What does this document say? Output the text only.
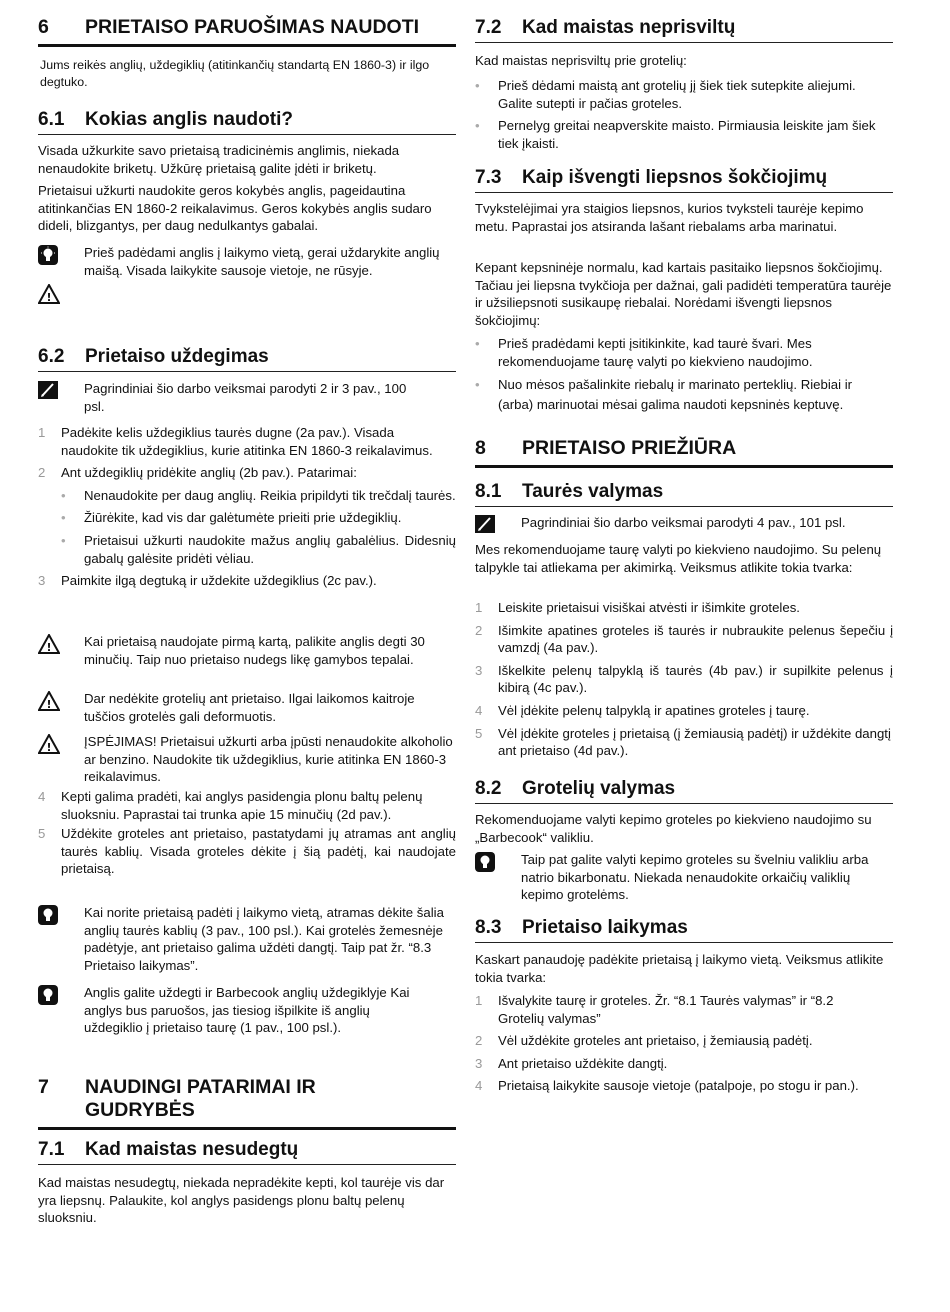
6	PRIETAISO PARUOŠIMAS NAUDOTI

Jums reikės anglių, uždegiklių (atitinkančių standartą EN 1860-3) ir ilgo degtuko.

6.1	Kokias anglis naudoti?

Visada užkurkite savo prietaisą tradicinėmis anglimis, niekada nenaudokite briketų. Užkūrę prietaisą galite įdėti ir briketų.

Prietaisui užkurti naudokite geros kokybės anglis, pageidautina atitinkančias EN 1860-2 reikalavimus. Geros kokybės anglis sudaro dideli, blizgantys, per daug nedulkantys gabalai.

Prieš padėdami anglis į laikymo vietą, gerai uždarykite anglių maišą. Visada laikykite sausoje vietoje, ne rūsyje.
!
6.2	Prietaiso uždegimas
Pagrindiniai šio darbo veiksmai parodyti 2 ir 3 pav., 100 psl.
1	Padėkite kelis uždegiklius taurės dugne (2a pav.). Visada naudokite tik uždegiklius, kurie atitinka EN 1860-3 reikalavimus.
2	Ant uždegiklių pridėkite anglių (2b pav.). Patarimai:
•	Nenaudokite per daug anglių. Reikia pripildyti tik trečdalį taurės.
•	Žiūrėkite, kad vis dar galėtumėte prieiti prie uždegiklių.
•	Prietaisui užkurti naudokite mažus anglių gabalėlius. Didesnių gabalų galėsite pridėti vėliau.
3	Paimkite ilgą degtuką ir uždekite uždegiklius (2c pav.).
! Kai prietaisą naudojate pirmą kartą, palikite anglis degti 30 minučių. Taip nuo prietaiso nudegs likę gamybos tepalai.
! Dar nedėkite grotelių ant prietaiso. Ilgai laikomos kaitroje tuščios grotelės gali deformuotis.
! ĮSPĖJIMAS! Prietaisui užkurti arba įpūsti nenaudokite alkoholio ar benzino. Naudokite tik uždegiklius, kurie atitinka EN 1860-3 reikalavimus.
4	Kepti galima pradėti, kai anglys pasidengia plonu baltų pelenų sluoksniu. Paprastai tai trunka apie 15 minučių (2d pav.).
5	Uždėkite groteles ant prietaiso, pastatydami jų atramas ant anglių taurės kablių. Visada groteles dėkite į šią padėtį, kai naudojate prietaisą.
Kai norite prietaisą padėti į laikymo vietą, atramas dėkite šalia anglių taurės kablių (3 pav., 100 psl.). Kai grotelės žemesnėje padėtyje, ant prietaiso galima uždėti dangtį. Taip pat žr. “8.3 Prietaiso laikymas”.
Anglis galite uždegti ir Barbecook anglių uždegiklyje Kai anglys bus paruošos, jas tiesiog išpilkite iš anglių uždegiklio į prietaiso taurę (1 pav., 100 psl.).
7	NAUDINGI PATARIMAI IR GUDRYBĖS
7.1	Kad maistas nesudegtų

Kad maistas nesudegtų, niekada nepradėkite kepti, kol taurėje vis dar yra liepsnų. Palaukite, kol anglys pasidengs plonu baltų pelenų sluoksniu.

7.2	Kad maistas neprisviltų

Kad maistas neprisviltų prie grotelių:

•	Prieš dėdami maistą ant grotelių jį šiek tiek sutepkite aliejumi. Galite sutepti ir pačias groteles.
•	Pernelyg greitai neapverskite maisto. Pirmiausia leiskite jam šiek tiek įkaisti.
7.3	Kaip išvengti liepsnos šokčiojimų

Tvykstelėjimai yra staigios liepsnos, kurios tvyksteli taurėje kepimo metu. Paprastai jos atsiranda lašant riebalams arba marinatui.

Kepant kepsninėje normalu, kad kartais pasitaiko liepsnos šokčiojimų. Tačiau jei liepsna tvykčioja per dažnai, gali padidėti temperatūra taurėje ir užsiliepsnoti susikaupę riebalai. Norėdami išvengti liepsnos šokčiojimų:

•	Prieš pradėdami kepti įsitikinkite, kad taurė švari. Mes rekomenduojame taurę valyti po kiekvieno naudojimo.
•	Nuo mėsos pašalinkite riebalų ir marinato perteklių. Riebiai ir (arba) marinuotai mėsai galima naudoti kepsninės keptuvę.
8	PRIETAISO PRIEŽIŪRA
8.1	Taurės valymas
Pagrindiniai šio darbo veiksmai parodyti 4 pav., 101 psl.

Mes rekomenduojame taurę valyti po kiekvieno naudojimo. Su pelenų talpykle tai atliekama per akimirką. Veiksmus atlikite tokia tvarka:

1	Leiskite prietaisui visiškai atvėsti ir išimkite groteles.
2	Išimkite apatines groteles iš taurės ir nubraukite pelenus šepečiu į vamzdį (4a pav.).
3	Iškelkite pelenų talpyklą iš taurės (4b pav.) ir supilkite pelenus į kibirą (4c pav.).
4	Vėl įdėkite pelenų talpyklą ir apatines groteles į taurę.
5	Vėl įdėkite groteles į prietaisą (į žemiausią padėtį) ir uždėkite dangtį ant prietaiso (4d pav.).
8.2	Grotelių valymas

Rekomenduojame valyti kepimo groteles po kiekvieno naudojimo su „Barbecook“ valikliu.

Taip pat galite valyti kepimo groteles su švelniu valikliu arba natrio bikarbonatu. Niekada nenaudokite orkaičių valiklių kepimo grotelėms.
8.3	Prietaiso laikymas

Kaskart panaudoję padėkite prietaisą į laikymo vietą. Veiksmus atlikite tokia tvarka:

1	Išvalykite taurę ir groteles. Žr. “8.1 Taurės valymas” ir “8.2 Grotelių valymas”
2	Vėl uždėkite groteles ant prietaiso, į žemiausią padėtį.
3	Ant prietaiso uždėkite dangtį.
4	Prietaisą laikykite sausoje vietoje (patalpoje, po stogu ir pan.).
